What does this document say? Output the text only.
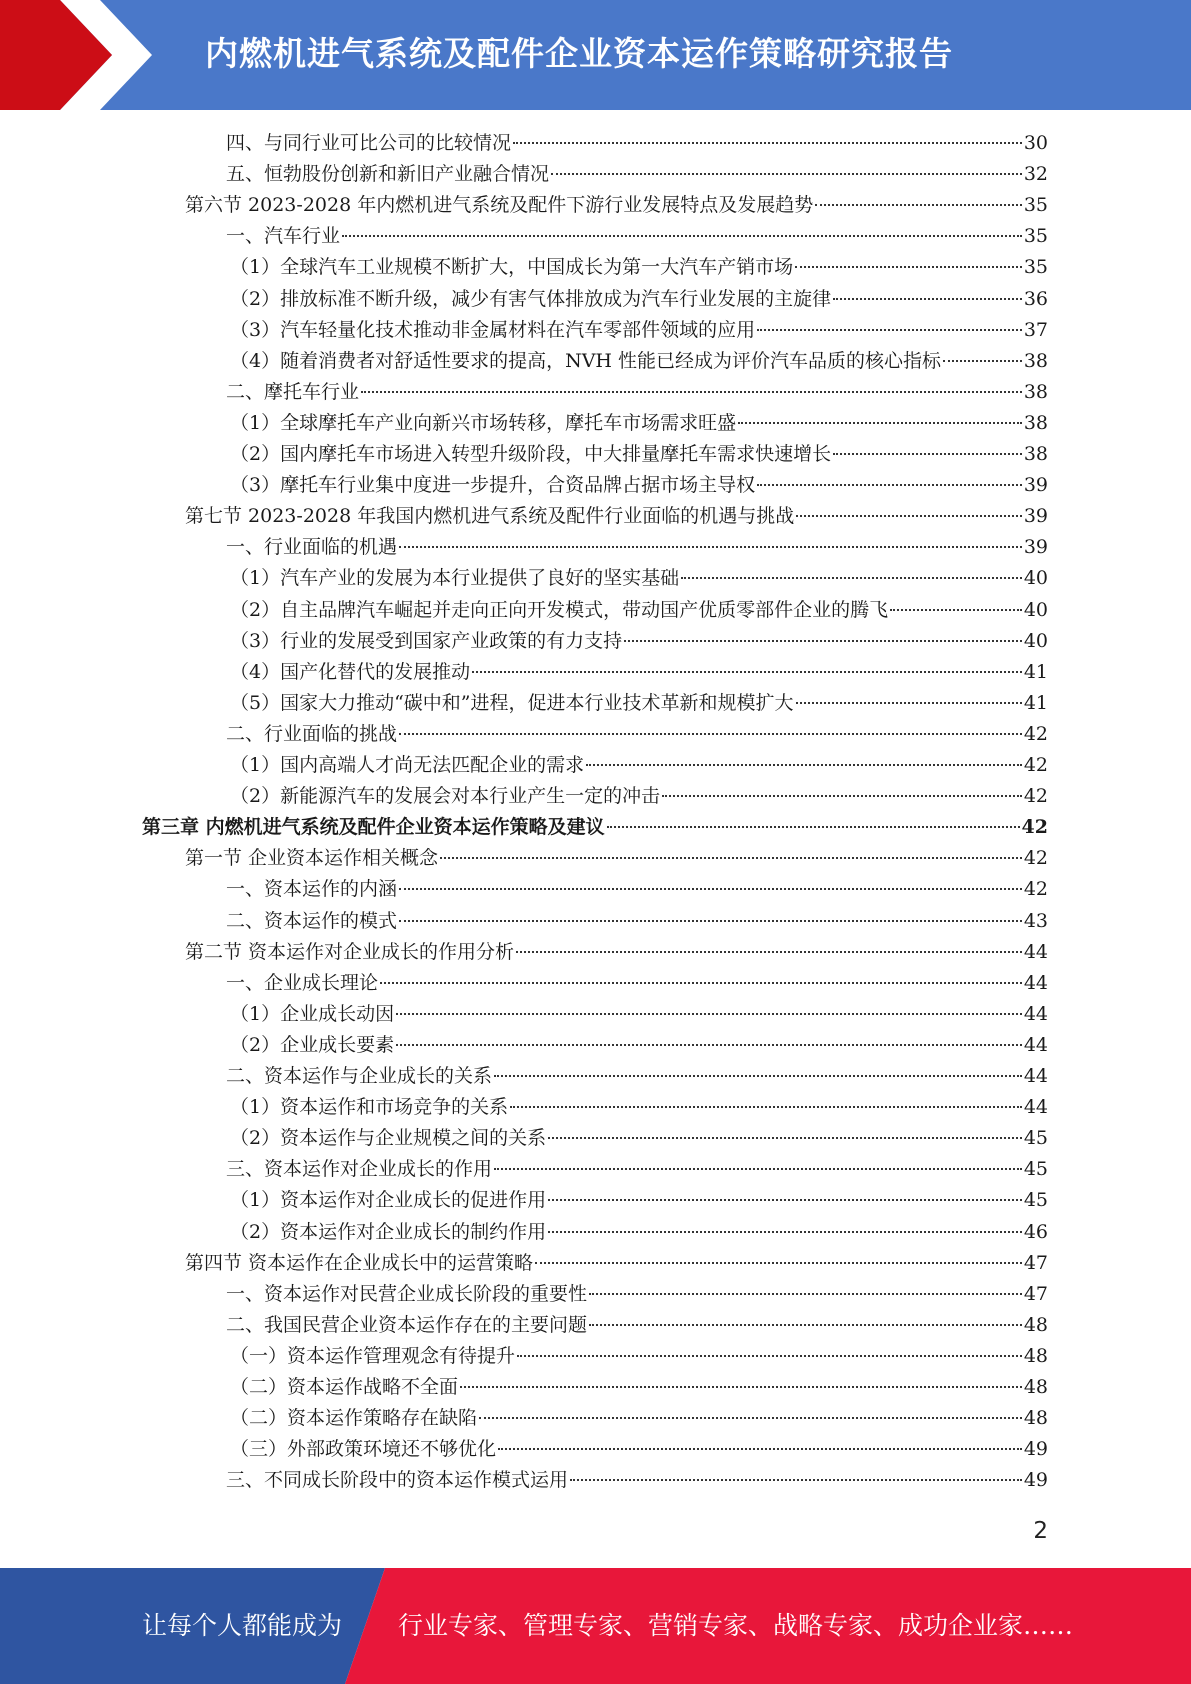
内燃机进气系统及配件企业资本运作策略研究报告
四、与同行业可比公司的比较情况	30
五、恒勃股份创新和新旧产业融合情况	32
第六节 2023-2028 年内燃机进气系统及配件下游行业发展特点及发展趋势	35
一、汽车行业	35
（1）全球汽车工业规模不断扩大，中国成长为第一大汽车产销市场	35
（2）排放标准不断升级，减少有害气体排放成为汽车行业发展的主旋律	36
（3）汽车轻量化技术推动非金属材料在汽车零部件领域的应用	37
（4）随着消费者对舒适性要求的提高，NVH 性能已经成为评价汽车品质的核心指标	38
二、摩托车行业	38
（1）全球摩托车产业向新兴市场转移，摩托车市场需求旺盛	38
（2）国内摩托车市场进入转型升级阶段，中大排量摩托车需求快速增长	38
（3）摩托车行业集中度进一步提升，合资品牌占据市场主导权	39
第七节 2023-2028 年我国内燃机进气系统及配件行业面临的机遇与挑战	39
一、行业面临的机遇	39
（1）汽车产业的发展为本行业提供了良好的坚实基础	40
（2）自主品牌汽车崛起并走向正向开发模式，带动国产优质零部件企业的腾飞	40
（3）行业的发展受到国家产业政策的有力支持	40
（4）国产化替代的发展推动	41
（5）国家大力推动“碳中和”进程，促进本行业技术革新和规模扩大	41
二、行业面临的挑战	42
（1）国内高端人才尚无法匹配企业的需求	42
（2）新能源汽车的发展会对本行业产生一定的冲击	42
第三章 内燃机进气系统及配件企业资本运作策略及建议	42
第一节 企业资本运作相关概念	42
一、资本运作的内涵	42
二、资本运作的模式	43
第二节 资本运作对企业成长的作用分析	44
一、企业成长理论	44
（1）企业成长动因	44
（2）企业成长要素	44
二、资本运作与企业成长的关系	44
（1）资本运作和市场竞争的关系	44
（2）资本运作与企业规模之间的关系	45
三、资本运作对企业成长的作用	45
（1）资本运作对企业成长的促进作用	45
（2）资本运作对企业成长的制约作用	46
第四节 资本运作在企业成长中的运营策略	47
一、资本运作对民营企业成长阶段的重要性	47
二、我国民营企业资本运作存在的主要问题	48
（一）资本运作管理观念有待提升	48
（二）资本运作战略不全面	48
（二）资本运作策略存在缺陷	48
（三）外部政策环境还不够优化	49
三、不同成长阶段中的资本运作模式运用	49
2
让每个人都能成为 行业专家、管理专家、营销专家、战略专家、成功企业家……
